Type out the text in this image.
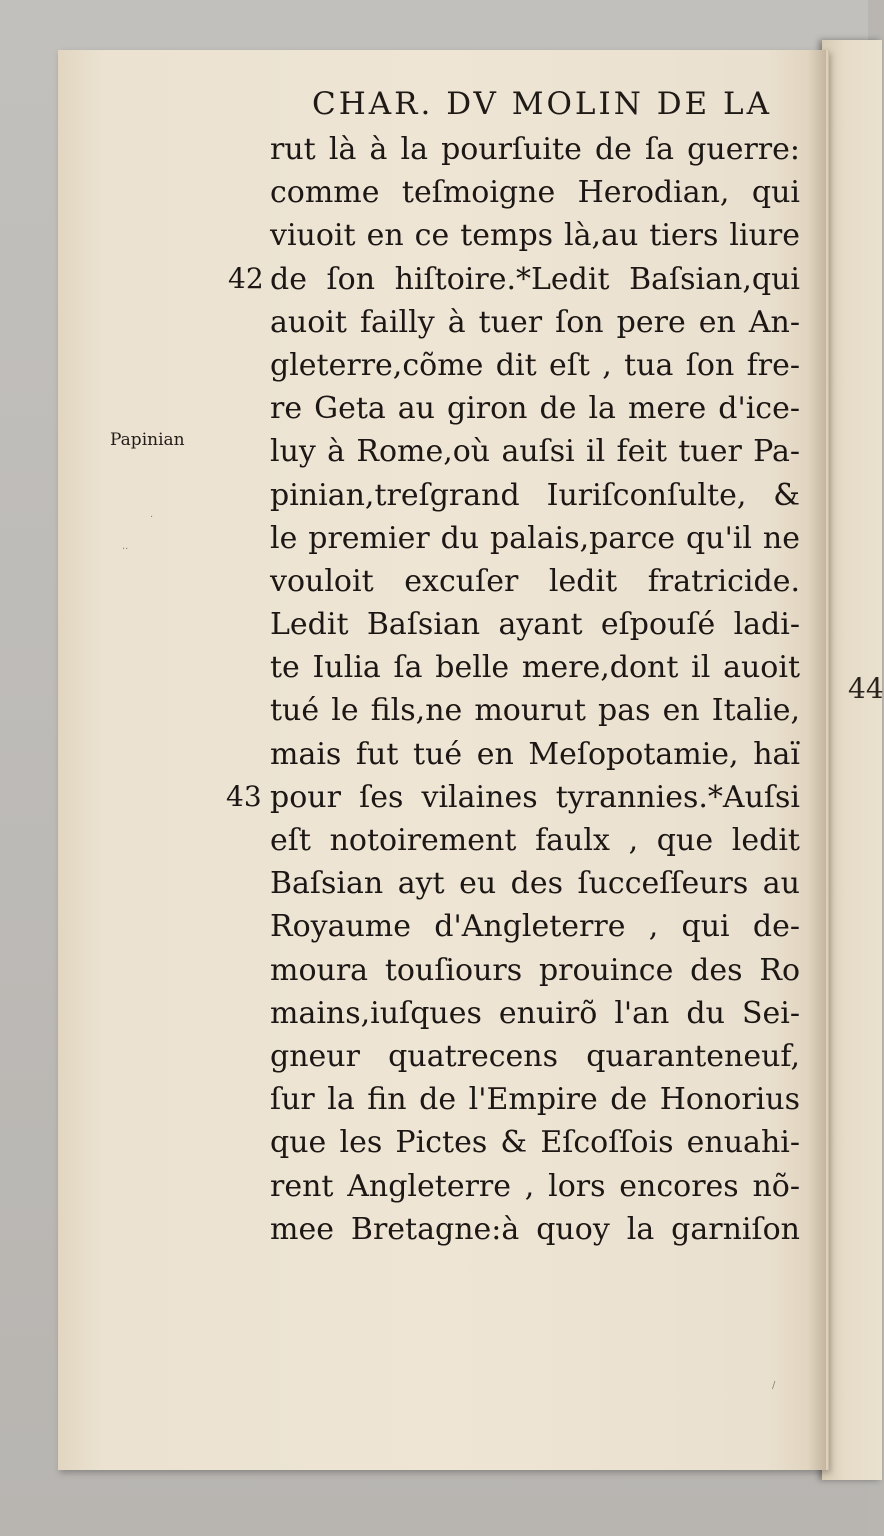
44
CHAR. DV MOLIN DE LA
42
43
Papinian
··
·
/
rut là à la pourſuite de ſa guerre:
comme teſmoigne Herodian, qui
viuoit en ce temps là,au tiers liure
de ſon hiſtoire.*Ledit Baſsian,qui
auoit failly à tuer ſon pere en An-
gleterre,cõme dit eſt , tua ſon fre-
re Geta au giron de la mere d'ice-
luy à Rome,où auſsi il feit tuer Pa-
pinian,treſgrand Iuriſconſulte, &
le premier du palais,parce qu'il ne
vouloit excuſer ledit fratricide.
Ledit Baſsian ayant eſpouſé ladi-
te Iulia ſa belle mere,dont il auoit
tué le fils,ne mourut pas en Italie,
mais fut tué en Meſopotamie, haï
pour ſes vilaines tyrannies.*Auſsi
eſt notoirement faulx , que ledit
Baſsian ayt eu des ſucceſſeurs au
Royaume d'Angleterre , qui de-
moura touſiours prouince des Ro
mains,iuſques enuirõ l'an du Sei-
gneur quatrecens quaranteneuf,
ſur la fin de l'Empire de Honorius
que les Pictes & Eſcoſſois enuahi-
rent Angleterre , lors encores nõ-
mee Bretagne:à quoy la garniſon
